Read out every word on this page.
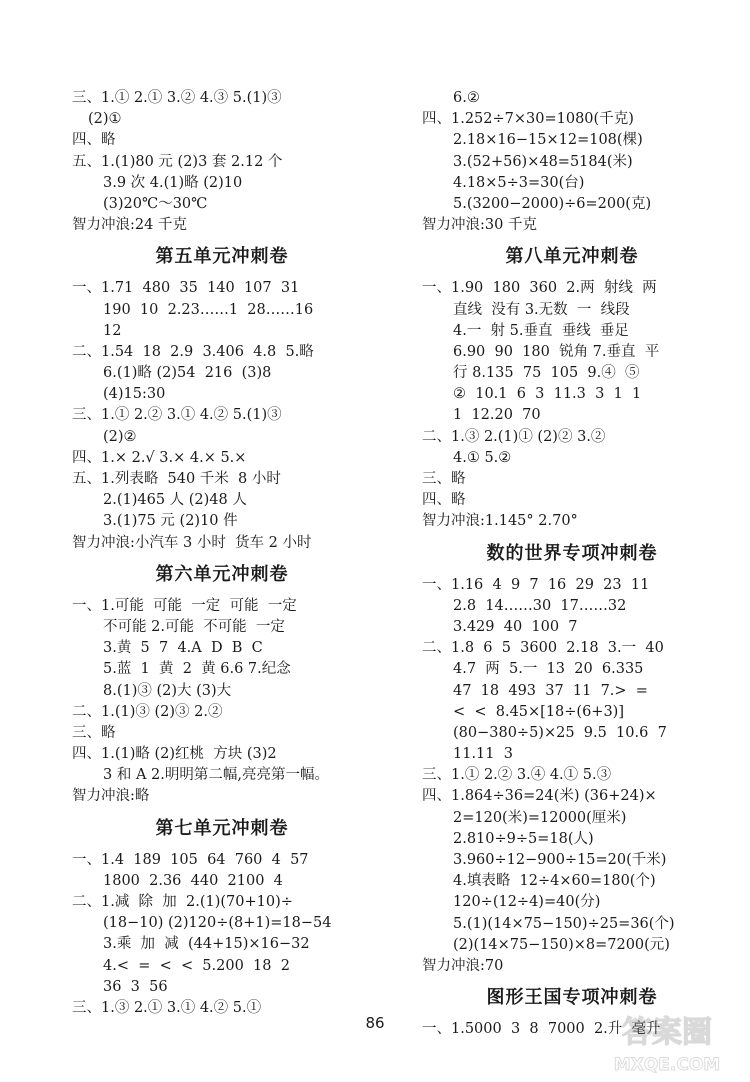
三、1.① 2.① 3.② 4.③ 5.(1)③
(2)①
四、略
五、1.(1)80 元 (2)3 套 2.12 个
3.9 次 4.(1)略 (2)10
(3)20℃～30℃
智力冲浪:24 千克
第五单元冲刺卷
一、1.71  480  35  140  107  31
190  10  2.23……1  28……16
12
二、1.54  18  2.9  3.406  4.8  5.略
6.(1)略 (2)54  216  (3)8
(4)15:30
三、1.① 2.② 3.① 4.② 5.(1)③
(2)②
四、1.× 2.√ 3.× 4.× 5.×
五、1.列表略  540 千米  8 小时
2.(1)465 人 (2)48 人
3.(1)75 元 (2)10 件
智力冲浪:小汽车 3 小时  货车 2 小时
第六单元冲刺卷
一、1.可能  可能  一定  可能  一定
不可能 2.可能  不可能  一定
3.黄  5  7  4.A  D  B  C
5.蓝  1  黄  2  黄 6.6 7.纪念
8.(1)③ (2)大 (3)大
二、1.(1)③ (2)③ 2.②
三、略
四、1.(1)略 (2)红桃  方块 (3)2
3 和 A 2.明明第二幅,亮亮第一幅。
智力冲浪:略
第七单元冲刺卷
一、1.4  189  105  64  760  4  57
1800  2.36  440  2100  4
二、1.减  除  加  2.(1)(70+10)÷
(18−10) (2)120÷(8+1)=18−54
3.乘  加  减  (44+15)×16−32
4.<  =  <  <  5.200  18  2
36  3  56
三、1.③ 2.① 3.① 4.② 5.①
6.②
四、1.252÷7×30=1080(千克)
2.18×16−15×12=108(棵)
3.(52+56)×48=5184(米)
4.18×5÷3=30(台)
5.(3200−2000)÷6=200(克)
智力冲浪:30 千克
第八单元冲刺卷
一、1.90  180  360  2.两  射线  两
直线  没有 3.无数  一  线段
4.一  射 5.垂直  垂线  垂足
6.90  90  180  锐角 7.垂直  平
行 8.135  75  105  9.④  ⑤
②  10.1  6  3  11.3  3  1  1
1  12.20  70
二、1.③ 2.(1)① (2)② 3.②
4.① 5.②
三、略
四、略
智力冲浪:1.145° 2.70°
数的世界专项冲刺卷
一、1.16  4  9  7  16  29  23  11
2.8  14……30  17……32
3.429  40  100  7
二、1.8  6  5  3600  2.18  3.一  40
4.7  两  5.一  13  20  6.335
47  18  493  37  11  7.>  =
<  <  8.45×[18÷(6+3)]
(80−380÷5)×25  9.5  10.6  7
11.11  3
三、1.① 2.② 3.④ 4.① 5.③
四、1.864÷36=24(米) (36+24)×
2=120(米)=12000(厘米)
2.810÷9÷5=18(人)
3.960÷12−900÷15=20(千米)
4.填表略  12÷4×60=180(个)
120÷(12÷4)=40(分)
5.(1)(14×75−150)÷25=36(个)
(2)(14×75−150)×8=7200(元)
智力冲浪:70
图形王国专项冲刺卷
一、1.5000  3  8  7000  2.升  毫升
86	答案圈
MXQE.COM
